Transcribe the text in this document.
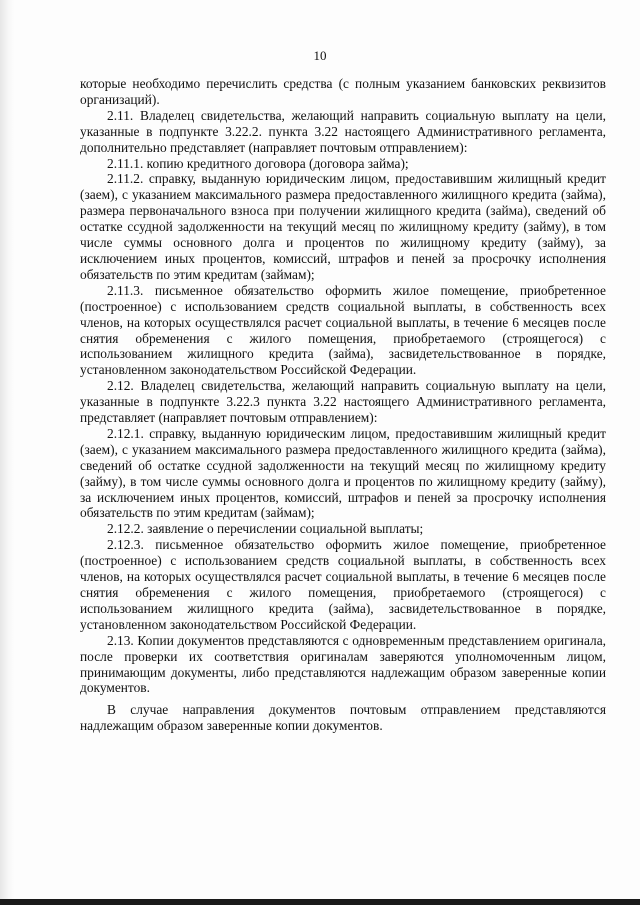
10

которые необходимо перечислить средства (с полным указанием банковских реквизитов организаций).

2.11. Владелец свидетельства, желающий направить социальную выплату на цели, указанные в подпункте 3.22.2. пункта 3.22 настоящего Административного регламента, дополнительно представляет (направляет почтовым отправлением):

2.11.1. копию кредитного договора (договора займа);

2.11.2. справку, выданную юридическим лицом, предоставившим жилищный кредит (заем), с указанием максимального размера предоставленного жилищного кредита (займа), размера первоначального взноса при получении жилищного кредита (займа), сведений об остатке ссудной задолженности на текущий месяц по жилищному кредиту (займу), в том числе суммы основного долга и процентов по жилищному кредиту (займу), за исключением иных процентов, комиссий, штрафов и пеней за просрочку исполнения обязательств по этим кредитам (займам);

2.11.3. письменное обязательство оформить жилое помещение, приобретенное (построенное) с использованием средств социальной выплаты, в собственность всех членов, на которых осуществлялся расчет социальной выплаты, в течение 6 месяцев после снятия обременения с жилого помещения, приобретаемого (строящегося) с использованием жилищного кредита (займа), засвидетельствованное в порядке, установленном законодательством Российской Федерации.

2.12. Владелец свидетельства, желающий направить социальную выплату на цели, указанные в подпункте 3.22.3 пункта 3.22 настоящего Административного регламента, представляет (направляет почтовым отправлением):

2.12.1. справку, выданную юридическим лицом, предоставившим жилищный кредит (заем), с указанием максимального размера предоставленного жилищного кредита (займа), сведений об остатке ссудной задолженности на текущий месяц по жилищному кредиту (займу), в том числе суммы основного долга и процентов по жилищному кредиту (займу), за исключением иных процентов, комиссий, штрафов и пеней за просрочку исполнения обязательств по этим кредитам (займам);

2.12.2. заявление о перечислении социальной выплаты;

2.12.3. письменное обязательство оформить жилое помещение, приобретенное (построенное) с использованием средств социальной выплаты, в собственность всех членов, на которых осуществлялся расчет социальной выплаты, в течение 6 месяцев после снятия обременения с жилого помещения, приобретаемого (строящегося) с использованием жилищного кредита (займа), засвидетельствованное в порядке, установленном законодательством Российской Федерации.

2.13. Копии документов представляются с одновременным представлением оригинала, после проверки их соответствия оригиналам заверяются уполномоченным лицом, принимающим документы, либо представляются надлежащим образом заверенные копии документов.

В случае направления документов почтовым отправлением представляются надлежащим образом заверенные копии документов.
